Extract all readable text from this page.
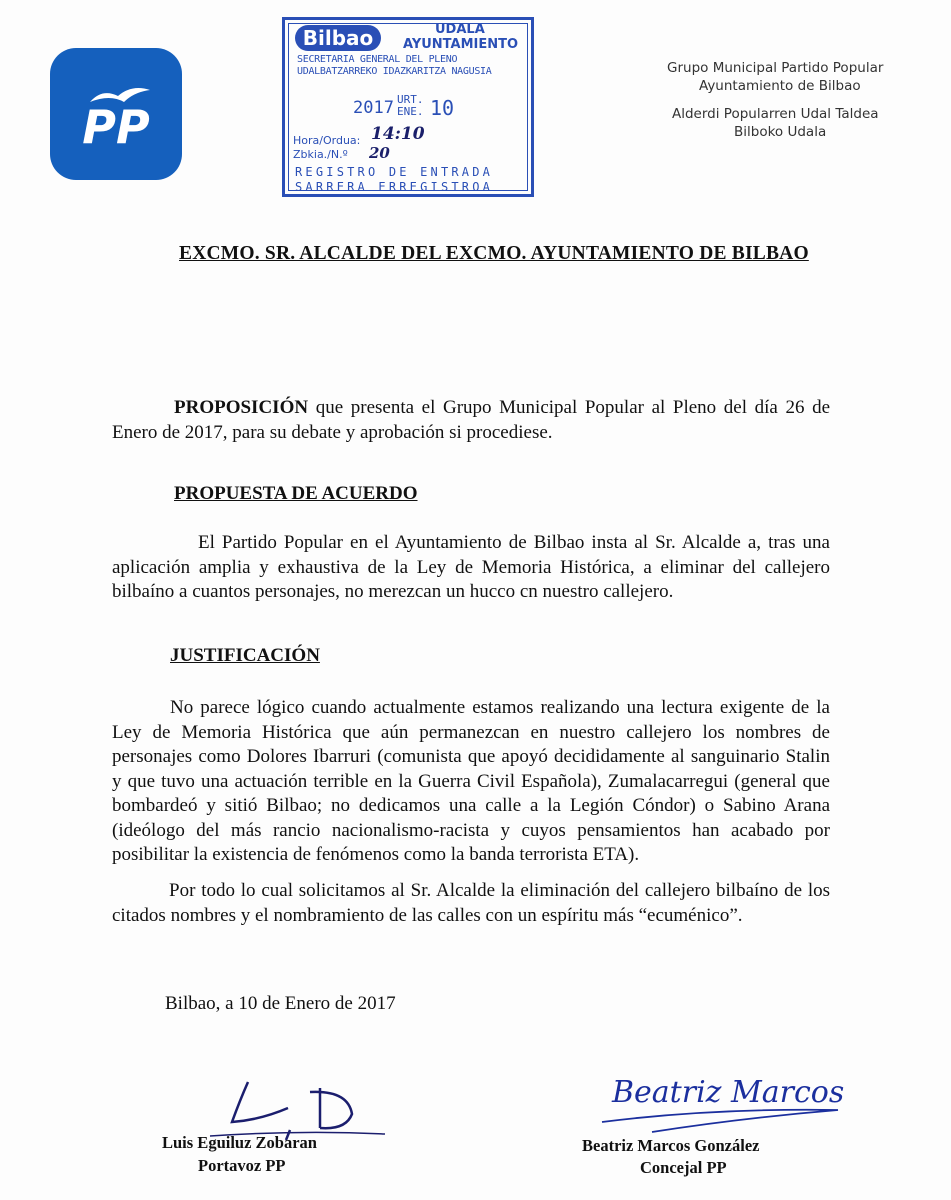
PP
Bilbao	UDALA
AYUNTAMIENTO
SECRETARIA GENERAL DEL PLENO
UDALBATZARREKO IDAZKARITZA NAGUSIA
2017 URT.
ENE. 10
Hora/Ordua: 14:10
Zbkia./N.º 20
REGISTRO DE ENTRADA
SARRERA ERREGISTROA
Grupo Municipal Partido Popular
Ayuntamiento de Bilbao
Alderdi Popularren Udal Taldea
Bilboko Udala
EXCMO. SR. ALCALDE DEL EXCMO. AYUNTAMIENTO DE BILBAO
PROPOSICIÓN que presenta el Grupo Municipal Popular al Pleno del día 26 de Enero de 2017, para su debate y aprobación si procediese.
PROPUESTA DE ACUERDO
El Partido Popular en el Ayuntamiento de Bilbao insta al Sr. Alcalde a, tras una aplicación amplia y exhaustiva de la Ley de Memoria Histórica, a eliminar del callejero bilbaíno a cuantos personajes, no merezcan un hucco cn nuestro callejero.
JUSTIFICACIÓN
No parece lógico cuando actualmente estamos realizando una lectura exigente de la Ley de Memoria Histórica que aún permanezcan en nuestro callejero los nombres de personajes como Dolores Ibarruri (comunista que apoyó decididamente al sanguinario Stalin y que tuvo una actuación terrible en la Guerra Civil Española), Zumalacarregui (general que bombardeó y sitió Bilbao; no dedicamos una calle a la Legión Cóndor) o Sabino Arana (ideólogo del más rancio nacionalismo-racista y cuyos pensamientos han acabado por posibilitar la existencia de fenómenos como la banda terrorista ETA).
Por todo lo cual solicitamos al Sr. Alcalde la eliminación del callejero bilbaíno de los citados nombres y el nombramiento de las calles con un espíritu más “ecuménico”.
Bilbao, a 10 de Enero de 2017
Luis Eguiluz Zobaran
Portavoz PP
Beatriz Marcos
Beatriz Marcos González
Concejal PP
